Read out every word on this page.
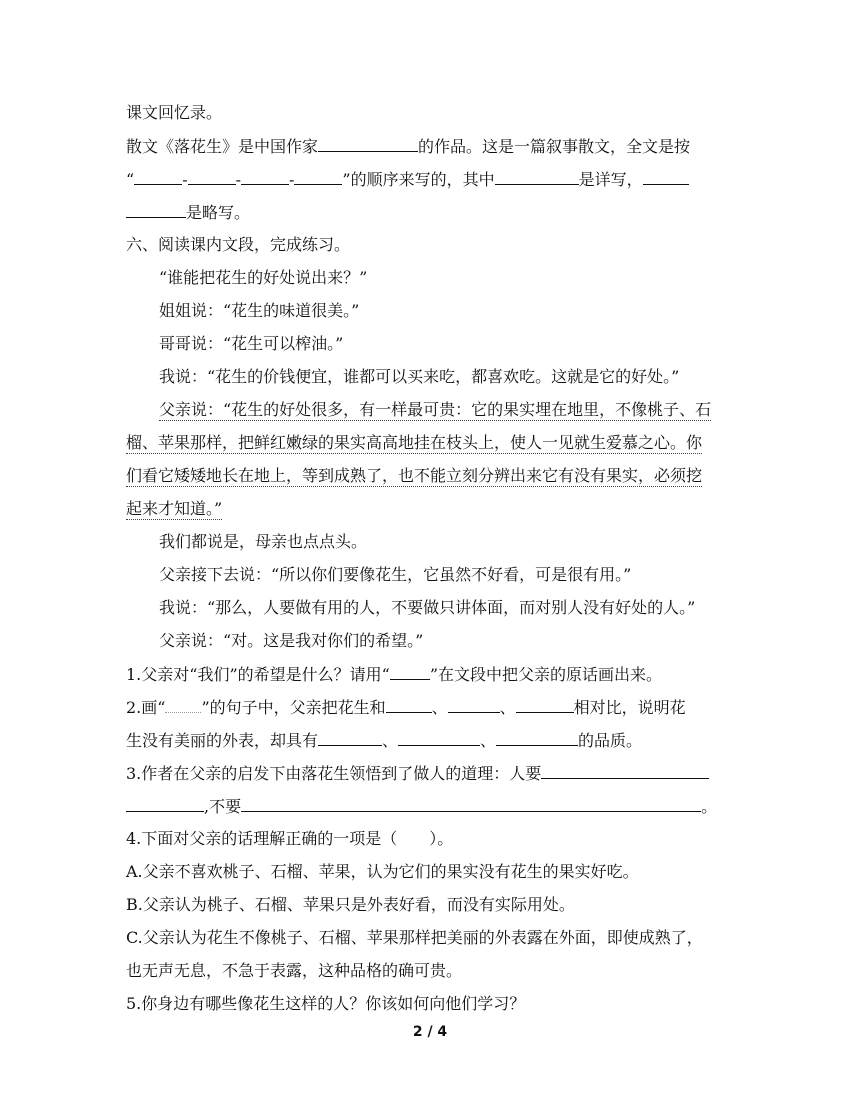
课文回忆录。
散文《落花生》是中国作家	的作品。这是一篇叙事散文，全文是按
“	-	-	-	”的顺序来写的，其中	是详写，
是略写。
六、阅读课内文段，完成练习。
“谁能把花生的好处说出来？”
姐姐说：“花生的味道很美。”
哥哥说：“花生可以榨油。”
我说：“花生的价钱便宜，谁都可以买来吃，都喜欢吃。这就是它的好处。”
父亲说：“花生的好处很多，有一样最可贵：它的果实埋在地里，不像桃子、石
榴、苹果那样，把鲜红嫩绿的果实高高地挂在枝头上，使人一见就生爱慕之心。你
们看它矮矮地长在地上，等到成熟了，也不能立刻分辨出来它有没有果实，必须挖
起来才知道。”
我们都说是，母亲也点点头。
父亲接下去说：“所以你们要像花生，它虽然不好看，可是很有用。”
我说：“那么，人要做有用的人，不要做只讲体面，而对别人没有好处的人。”
父亲说：“对。这是我对你们的希望。”
1.父亲对“我们”的希望是什么？请用“	”在文段中把父亲的原话画出来。
2.画“ ”的句子中，父亲把花生和	、	、	相对比，说明花
生没有美丽的外表，却具有	、	、	的品质。
3.作者在父亲的启发下由落花生领悟到了做人的道理：人要
,不要	。
4.下面对父亲的话理解正确的一项是（　　）。
A.父亲不喜欢桃子、石榴、苹果，认为它们的果实没有花生的果实好吃。
B.父亲认为桃子、石榴、苹果只是外表好看，而没有实际用处。
C.父亲认为花生不像桃子、石榴、苹果那样把美丽的外表露在外面，即使成熟了，
也无声无息，不急于表露，这种品格的确可贵。
5.你身边有哪些像花生这样的人？你该如何向他们学习？
2 / 4
